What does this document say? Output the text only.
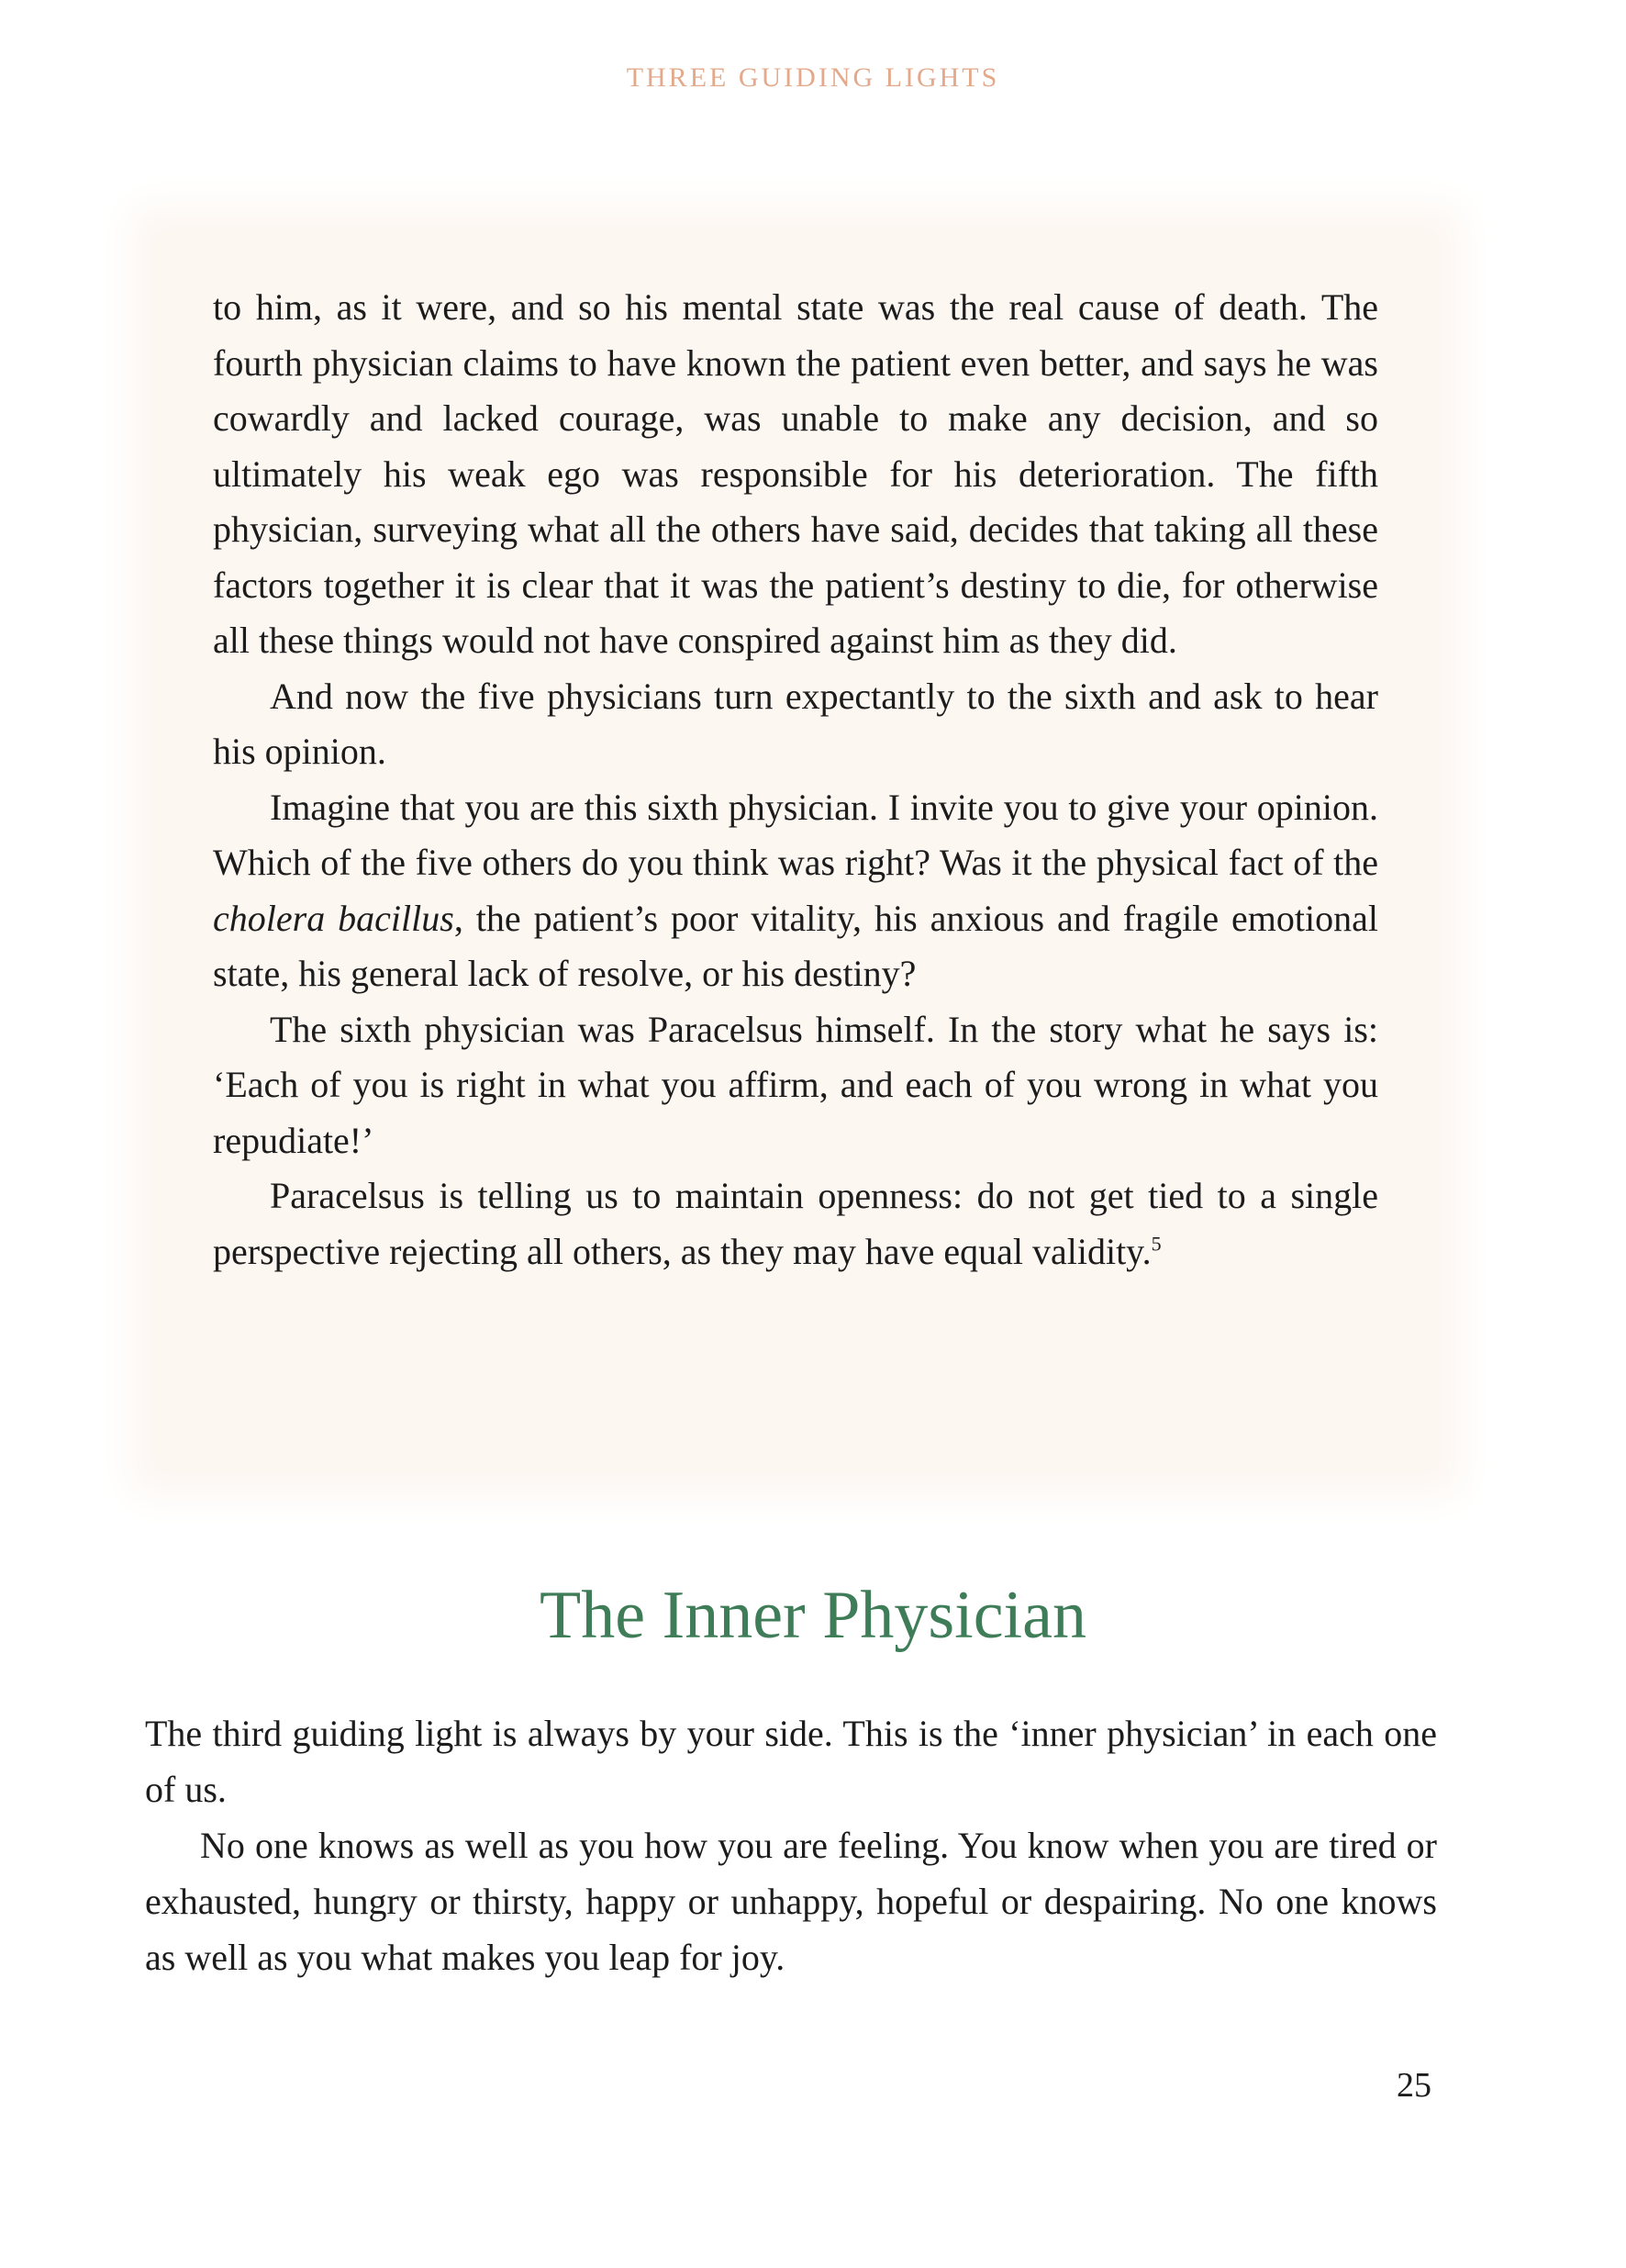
THREE GUIDING LIGHTS

to him, as it were, and so his mental state was the real cause of death. The fourth physician claims to have known the patient even better, and says he was cowardly and lacked courage, was unable to make any decision, and so ultimately his weak ego was responsible for his deterioration. The fifth physician, surveying what all the others have said, decides that taking all these factors together it is clear that it was the patient’s destiny to die, for otherwise all these things would not have conspired against him as they did.

And now the five physicians turn expectantly to the sixth and ask to hear his opinion.

Imagine that you are this sixth physician. I invite you to give your opinion. Which of the five others do you think was right? Was it the physical fact of the cholera bacillus, the patient’s poor vitality, his anxious and fragile emotional state, his general lack of resolve, or his destiny?

The sixth physician was Paracelsus himself. In the story what he says is: ‘Each of you is right in what you affirm, and each of you wrong in what you repudiate!’

Paracelsus is telling us to maintain openness: do not get tied to a single perspective rejecting all others, as they may have equal validity.$^5$

The Inner Physician

The third guiding light is always by your side. This is the ‘inner physician’ in each one of us.

No one knows as well as you how you are feeling. You know when you are tired or exhausted, hungry or thirsty, happy or unhappy, hopeful or despairing. No one knows as well as you what makes you leap for joy.

25
